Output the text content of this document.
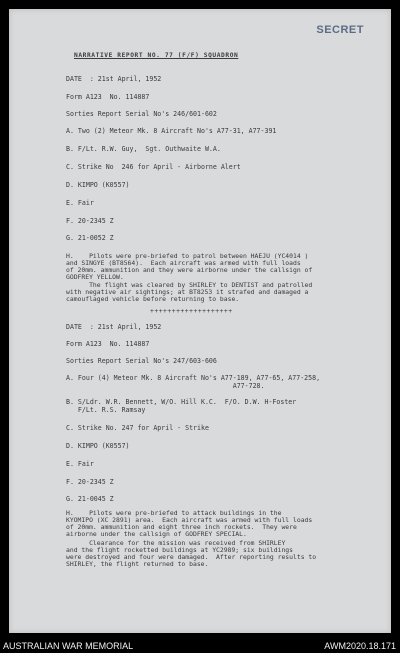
SECRET
NARRATIVE REPORT NO. 77 (F/F) SQUADRON
DATE  : 21st April, 1952
Form A123  No. 114887
Sorties Report Serial No's 246/601-602
A. Two (2) Meteor Mk. 8 Aircraft No's A77-31, A77-391
B. F/Lt. R.W. Guy,  Sgt. Outhwaite W.A.
C. Strike No  246 for April - Airborne Alert
D. KIMPO (K0557)
E. Fair
F. 20-2345 Z
G. 21-0052 Z
H.    Pilots were pre-briefed to patrol between HAEJU (YC4014 )
and SINGYE (BT8564).  Each aircraft was armed with full loads
of 20mm. ammunition and they were airborne under the callsign of
GODFREY YELLOW.
The flight was cleared by SHIRLEY to DENTIST and patrolled
with negative air sightings; at BT8253 it strafed and damaged a
camouflaged vehicle before returning to base.
+++++++++++++++++++
DATE  : 21st April, 1952
Form A123  No. 114887
Sorties Report Serial No's 247/603-606
A. Four (4) Meteor Mk. 8 Aircraft No's A77-189, A77-65, A77-258,
A77-728.
B. S/Ldr. W.R. Bennett, W/O. Hill K.C.  F/O. D.W. H-Foster
F/Lt. R.S. Ramsay
C. Strike No. 247 for April - Strike
D. KIMPO (K0557)
E. Fair
F. 20-2345 Z
G. 21-0045 Z
H.    Pilots were pre-briefed to attack buildings in the
KYOMIPO (XC 2891) area.  Each aircraft was armed with full loads
of 20mm. ammunition and eight three inch rockets.  They were
airborne under the callsign of GODFREY SPECIAL.
Clearance for the mission was received from SHIRLEY
and the flight rocketted buildings at YC2989; six buildings
were destroyed and four were damaged.  After reporting results to
SHIRLEY, the flight returned to base.
AUSTRALIAN WAR MEMORIAL	AWM2020.18.171
